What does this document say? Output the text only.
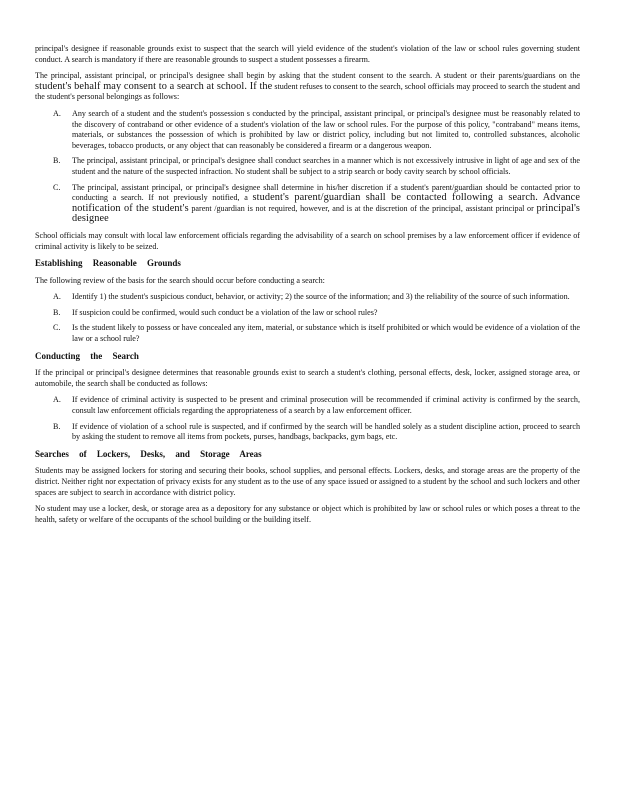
principal's designee if reasonable grounds exist to suspect that the search will yield evidence of the student's violation of the law or school rules governing student conduct. A search is mandatory if there are reasonable grounds to suspect a student possesses a firearm.

The principal, assistant principal, or principal's designee shall begin by asking that the student consent to the search. A student or their parents/guardians on the student's behalf may consent to a search at school. If the student refuses to consent to the search, school officials may proceed to search the student and the student's personal belongings as follows:

A. Any search of a student and the student's possession s conducted by the principal, assistant principal, or principal's designee must be reasonably related to the discovery of contraband or other evidence of a student's violation of the law or school rules. For the purpose of this policy, "contraband" means items, materials, or substances the possession of which is prohibited by law or district policy, including but not limited to, controlled substances, alcoholic beverages, tobacco products, or any object that can reasonably be considered a firearm or a dangerous weapon.
B. The principal, assistant principal, or principal's designee shall conduct searches in a manner which is not excessively intrusive in light of age and sex of the student and the nature of the suspected infraction. No student shall be subject to a strip search or body cavity search by school officials.
C. The principal, assistant principal, or principal's designee shall determine in his/her discretion if a student's parent/guardian should be contacted prior to conducting a search. If not previously notified, a student's parent/guardian shall be contacted following a search. Advance notification of the student's parent /guardian is not required, however, and is at the discretion of the principal, assistant principal or principal's designee

School officials may consult with local law enforcement officials regarding the advisability of a search on school premises by a law enforcement officer if evidence of criminal activity is likely to be seized.

Establishing Reasonable Grounds

The following review of the basis for the search should occur before conducting a search:

A. Identify 1) the student's suspicious conduct, behavior, or activity; 2) the source of the information; and 3) the reliability of the source of such information.
B. If suspicion could be confirmed, would such conduct be a violation of the law or school rules?
C. Is the student likely to possess or have concealed any item, material, or substance which is itself prohibited or which would be evidence of a violation of the law or a school rule?
Conducting the Search

If the principal or principal's designee determines that reasonable grounds exist to search a student's clothing, personal effects, desk, locker, assigned storage area, or automobile, the search shall be conducted as follows:

A. If evidence of criminal activity is suspected to be present and criminal prosecution will be recommended if criminal activity is confirmed by the search, consult law enforcement officials regarding the appropriateness of a search by a law enforcement officer.
B. If evidence of violation of a school rule is suspected, and if confirmed by the search will be handled solely as a student discipline action, proceed to search by asking the student to remove all items from pockets, purses, handbags, backpacks, gym bags, etc.
Searches of Lockers, Desks, and Storage Areas

Students may be assigned lockers for storing and securing their books, school supplies, and personal effects. Lockers, desks, and storage areas are the property of the district. Neither right nor expectation of privacy exists for any student as to the use of any space issued or assigned to a student by the school and such lockers and other spaces are subject to search in accordance with district policy.

No student may use a locker, desk, or storage area as a depository for any substance or object which is prohibited by law or school rules or which poses a threat to the health, safety or welfare of the occupants of the school building or the building itself.
